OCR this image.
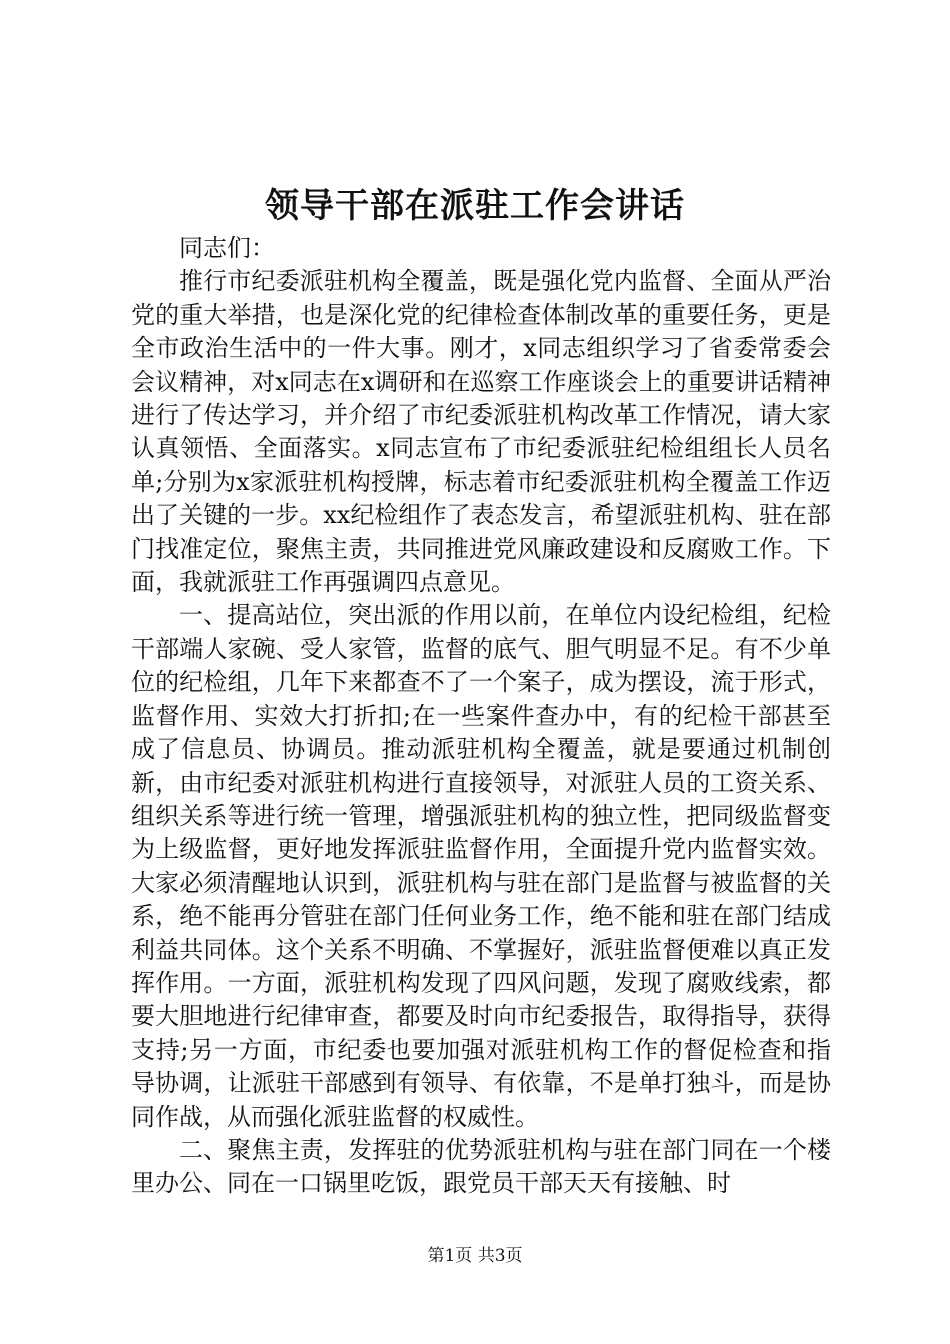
领导干部在派驻工作会讲话

同志们：

推行市纪委派驻机构全覆盖，既是强化党内监督、全面从严治党的重大举措，也是深化党的纪律检查体制改革的重要任务，更是全市政治生活中的一件大事。刚才，x同志组织学习了省委常委会会议精神，对x同志在x调研和在巡察工作座谈会上的重要讲话精神进行了传达学习，并介绍了市纪委派驻机构改革工作情况，请大家认真领悟、全面落实。x同志宣布了市纪委派驻纪检组组长人员名单;分别为x家派驻机构授牌，标志着市纪委派驻机构全覆盖工作迈出了关键的一步。xx纪检组作了表态发言，希望派驻机构、驻在部门找准定位，聚焦主责，共同推进党风廉政建设和反腐败工作。下面，我就派驻工作再强调四点意见。

一、提高站位，突出派的作用以前，在单位内设纪检组，纪检干部端人家碗、受人家管，监督的底气、胆气明显不足。有不少单位的纪检组，几年下来都查不了一个案子，成为摆设，流于形式，监督作用、实效大打折扣;在一些案件查办中，有的纪检干部甚至成了信息员、协调员。推动派驻机构全覆盖，就是要通过机制创新，由市纪委对派驻机构进行直接领导，对派驻人员的工资关系、组织关系等进行统一管理，增强派驻机构的独立性，把同级监督变为上级监督，更好地发挥派驻监督作用，全面提升党内监督实效。大家必须清醒地认识到，派驻机构与驻在部门是监督与被监督的关系，绝不能再分管驻在部门任何业务工作，绝不能和驻在部门结成利益共同体。这个关系不明确、不掌握好，派驻监督便难以真正发挥作用。一方面，派驻机构发现了四风问题，发现了腐败线索，都要大胆地进行纪律审查，都要及时向市纪委报告，取得指导，获得支持;另一方面，市纪委也要加强对派驻机构工作的督促检查和指导协调，让派驻干部感到有领导、有依靠，不是单打独斗，而是协同作战，从而强化派驻监督的权威性。

二、聚焦主责，发挥驻的优势派驻机构与驻在部门同在一个楼里办公、同在一口锅里吃饭，跟党员干部天天有接触、时

第1页 共3页
